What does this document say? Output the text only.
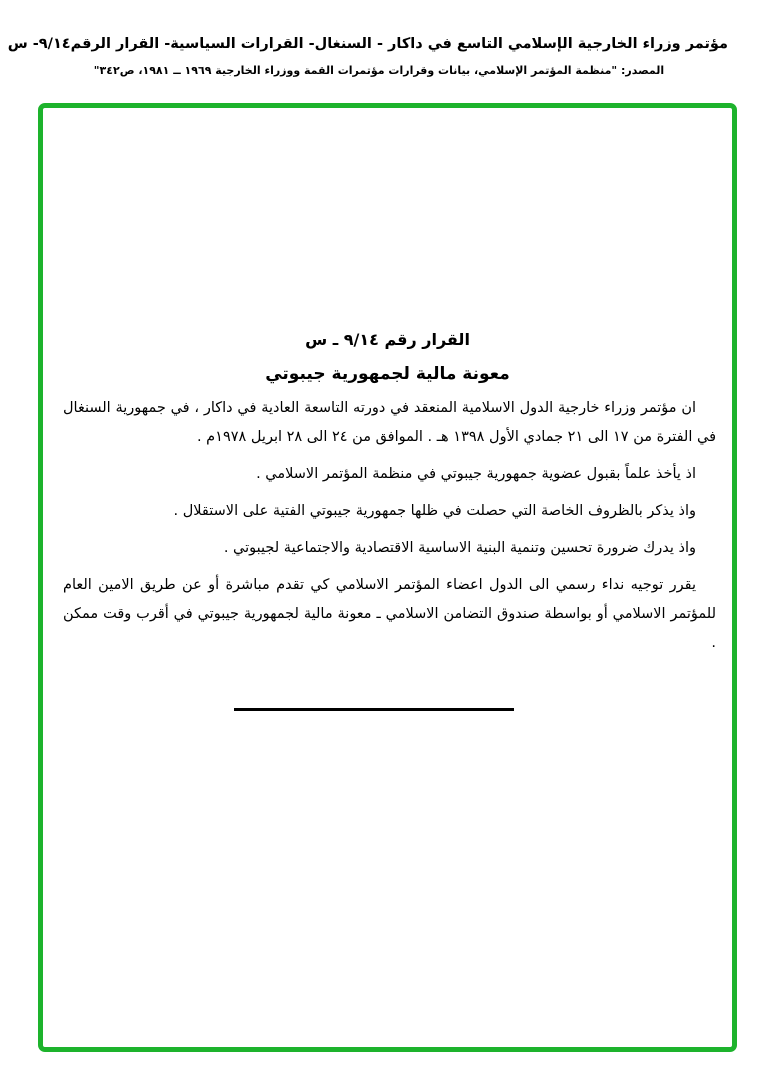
مؤتمر وزراء الخارجية الإسلامي التاسع في داكار - السنغال- القرارات السياسية- القرار الرقم٩/١٤- س
المصدر: "منظمة المؤتمر الإسلامي، بيانات وقرارات مؤتمرات القمة ووزراء الخارجية ١٩٦٩ ــ ١٩٨١، ص٣٤٢"
القرار رقم ٩/١٤ ـ س
معونة مالية لجمهورية جيبوتي

ان مؤتمر وزراء خارجية الدول الاسلامية المنعقد في دورته التاسعة العادية في داكار ، في جمهورية السنغال في الفترة من ١٧ الى ٢١ جمادي الأول ١٣٩٨ هـ . الموافق من ٢٤ الى ٢٨ ابريل ١٩٧٨م .

اذ يأخذ علماً بقبول عضوية جمهورية جيبوتي في منظمة المؤتمر الاسلامي .

واذ يذكر بالظروف الخاصة التي حصلت في ظلها جمهورية جيبوتي الفتية على الاستقلال .

واذ يدرك ضرورة تحسين وتنمية البنية الاساسية الاقتصادية والاجتماعية لجيبوتي .

يقرر توجيه نداء رسمي الى الدول اعضاء المؤتمر الاسلامي كي تقدم مباشرة أو عن طريق الامين العام للمؤتمر الاسلامي أو بواسطة صندوق التضامن الاسلامي ـ معونة مالية لجمهورية جيبوتي في أقرب وقت ممكن .
